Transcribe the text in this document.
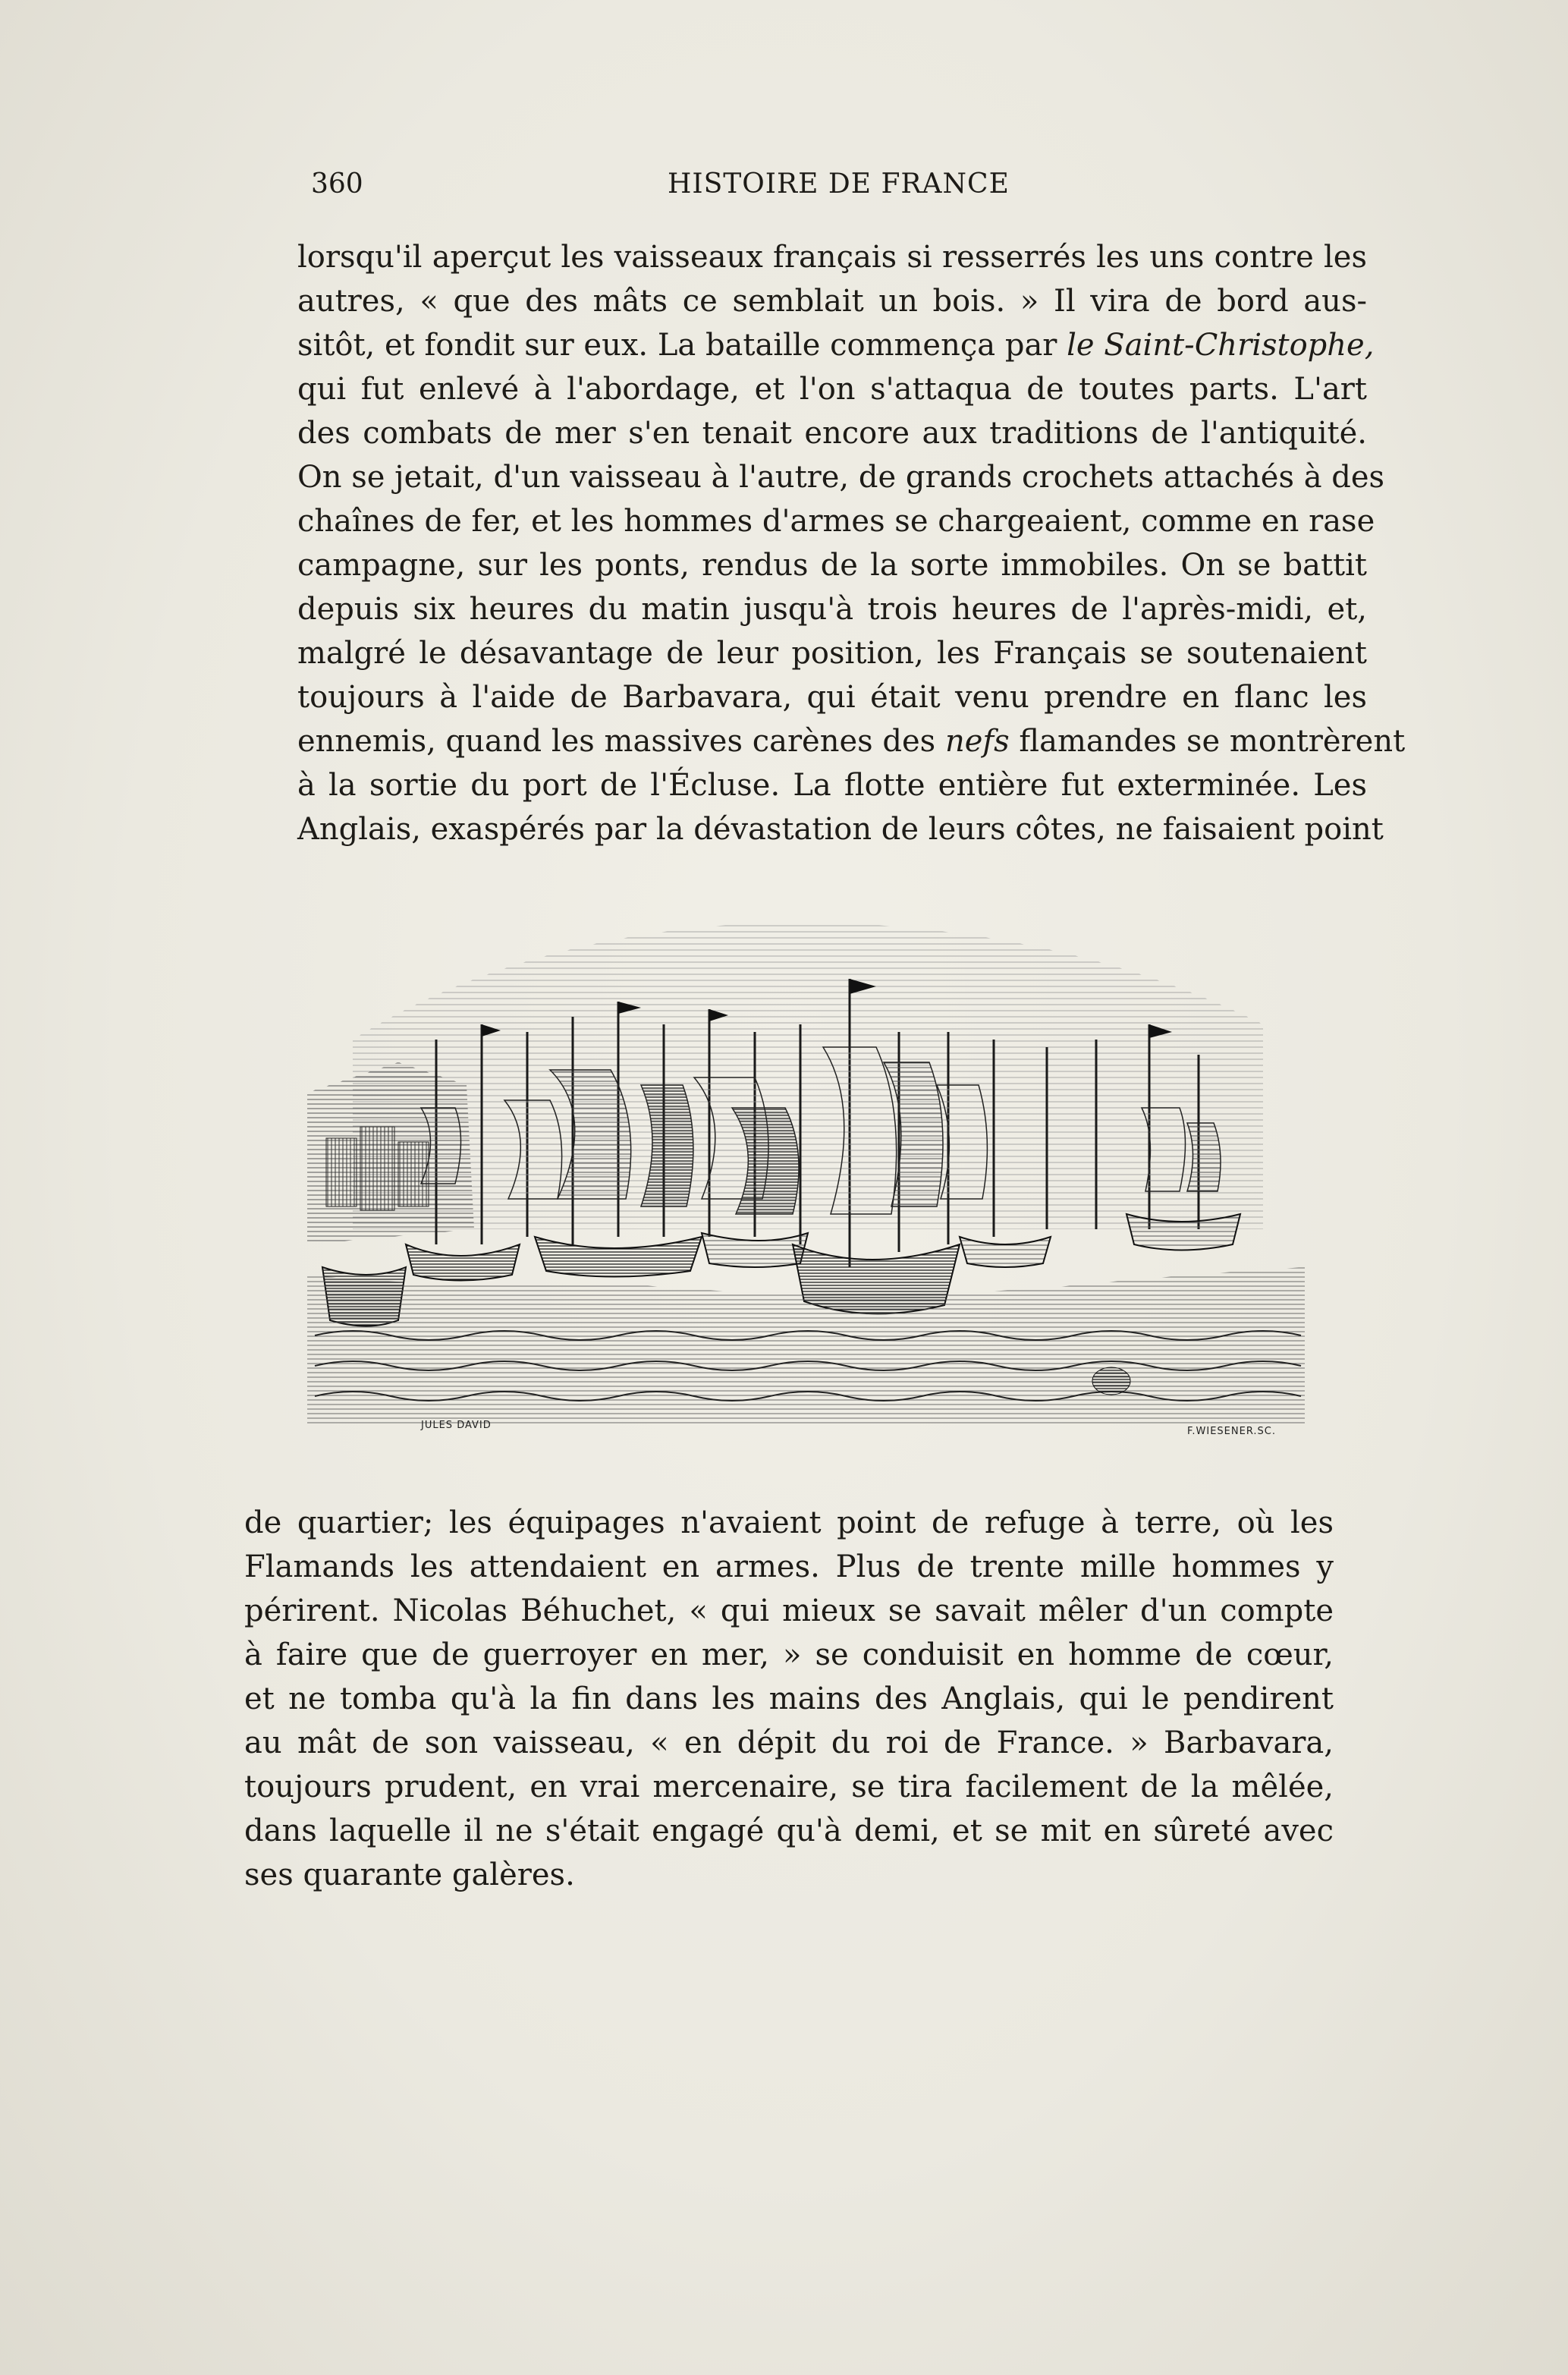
360	HISTOIRE DE FRANCE
lorsqu'il aperçut les vaisseaux français si resserrés les uns contre les
autres, « que des mâts ce semblait un bois. » Il vira de bord aus-
sitôt, et fondit sur eux. La bataille commença par le Saint-Christophe,
qui fut enlevé à l'abordage, et l'on s'attaqua de toutes parts. L'art
des combats de mer s'en tenait encore aux traditions de l'antiquité.
On se jetait, d'un vaisseau à l'autre, de grands crochets attachés à des
chaînes de fer, et les hommes d'armes se chargeaient, comme en rase
campagne, sur les ponts, rendus de la sorte immobiles. On se battit
depuis six heures du matin jusqu'à trois heures de l'après-midi, et,
malgré le désavantage de leur position, les Français se soutenaient
toujours à l'aide de Barbavara, qui était venu prendre en flanc les
ennemis, quand les massives carènes des nefs flamandes se montrèrent
à la sortie du port de l'Écluse. La flotte entière fut exterminée. Les
Anglais, exaspérés par la dévastation de leurs côtes, ne faisaient point
JULES DAVID
F.WIESENER.SC.
de quartier; les équipages n'avaient point de refuge à terre, où les
Flamands les attendaient en armes. Plus de trente mille hommes y
périrent. Nicolas Béhuchet, « qui mieux se savait mêler d'un compte
à faire que de guerroyer en mer, » se conduisit en homme de cœur,
et ne tomba qu'à la fin dans les mains des Anglais, qui le pendirent
au mât de son vaisseau, « en dépit du roi de France. » Barbavara,
toujours prudent, en vrai mercenaire, se tira facilement de la mêlée,
dans laquelle il ne s'était engagé qu'à demi, et se mit en sûreté avec
ses quarante galères.
